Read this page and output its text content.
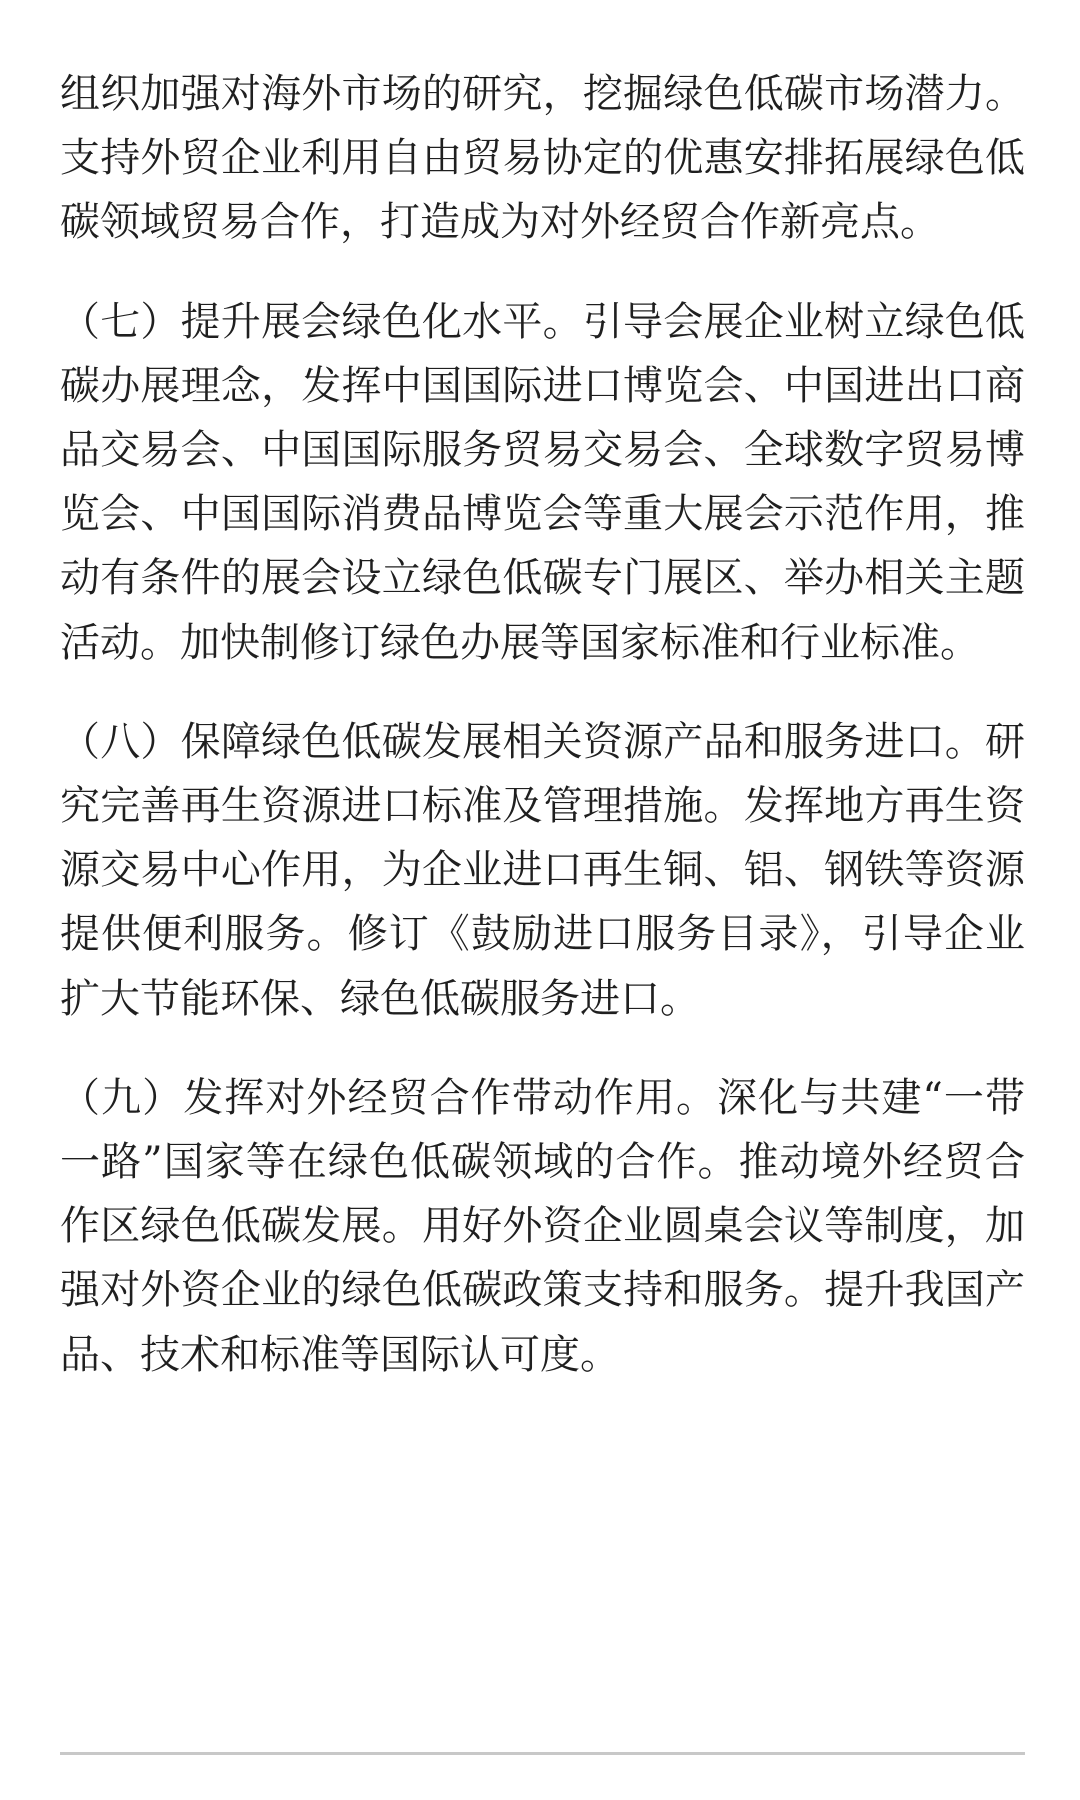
组织加强对海外市场的研究，挖掘绿色低碳市场潜力。支持外贸企业利用自由贸易协定的优惠安排拓展绿色低碳领域贸易合作，打造成为对外经贸合作新亮点。

（七）提升展会绿色化水平。引导会展企业树立绿色低碳办展理念，发挥中国国际进口博览会、中国进出口商品交易会、中国国际服务贸易交易会、全球数字贸易博览会、中国国际消费品博览会等重大展会示范作用，推动有条件的展会设立绿色低碳专门展区、举办相关主题活动。加快制修订绿色办展等国家标准和行业标准。

（八）保障绿色低碳发展相关资源产品和服务进口。研究完善再生资源进口标准及管理措施。发挥地方再生资源交易中心作用，为企业进口再生铜、铝、钢铁等资源提供便利服务。修订《鼓励进口服务目录》，引导企业扩大节能环保、绿色低碳服务进口。

（九）发挥对外经贸合作带动作用。深化与共建“一带一路”国家等在绿色低碳领域的合作。推动境外经贸合作区绿色低碳发展。用好外资企业圆桌会议等制度，加强对外资企业的绿色低碳政策支持和服务。提升我国产品、技术和标准等国际认可度。
